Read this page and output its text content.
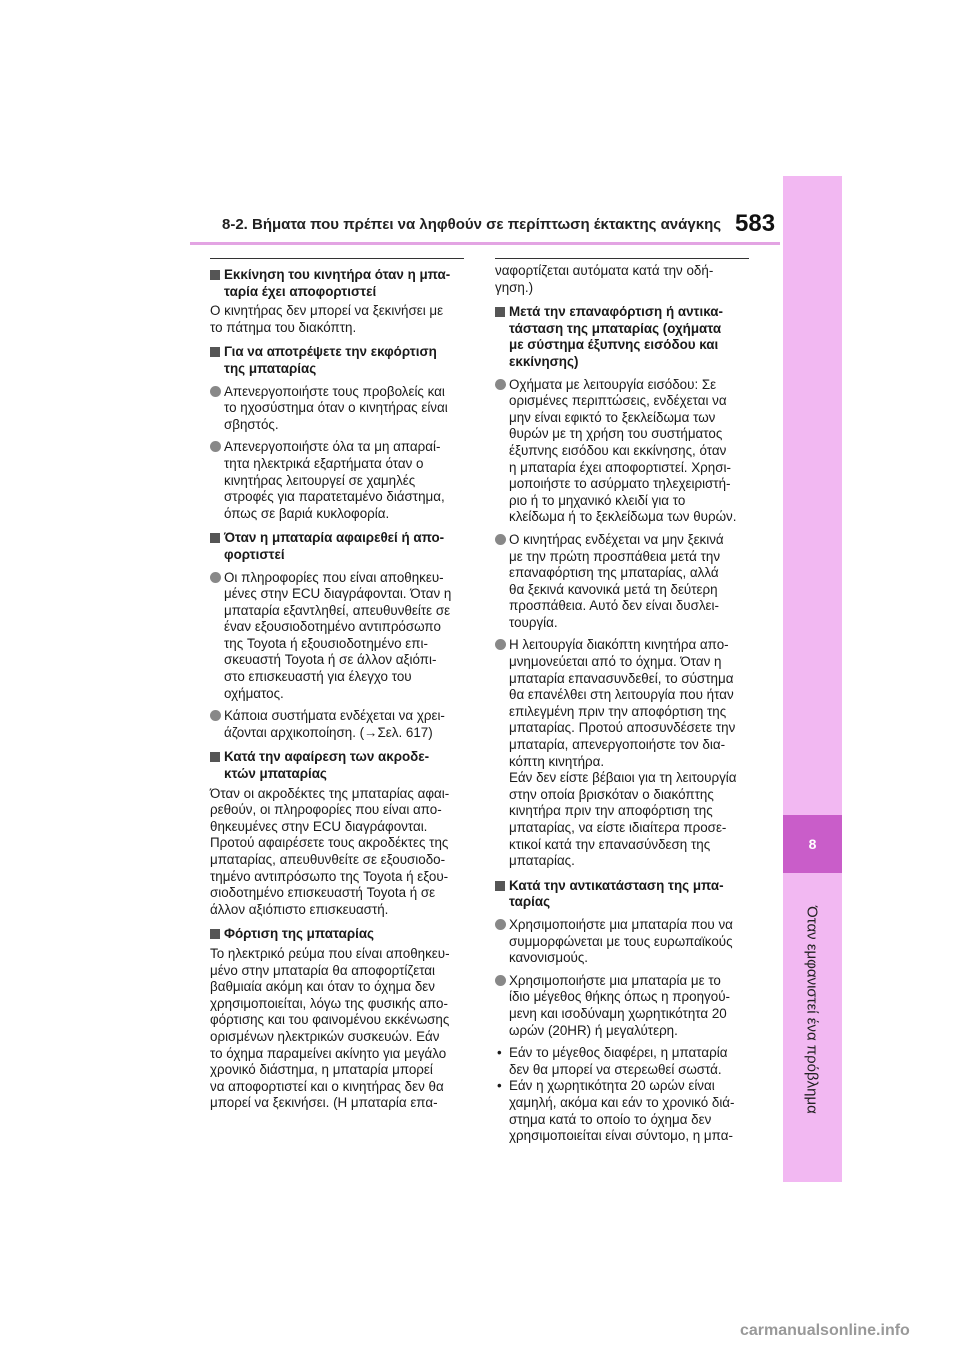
8-2. Βήματα που πρέπει να ληφθούν σε περίπτωση έκτακτης ανάγκης 583
8
Όταν εμφανιστεί ένα πρόβλημα
Εκκίνηση του κινητήρα όταν η μπα-
ταρία έχει αποφορτιστεί
Ο κινητήρας δεν μπορεί να ξεκινήσει με
το πάτημα του διακόπτη.
Για να αποτρέψετε την εκφόρτιση
της μπαταρίας
Απενεργοποιήστε τους προβολείς και
το ηχοσύστημα όταν ο κινητήρας είναι
σβηστός.
Απενεργοποιήστε όλα τα μη απαραί-
τητα ηλεκτρικά εξαρτήματα όταν ο
κινητήρας λειτουργεί σε χαμηλές
στροφές για παρατεταμένο διάστημα,
όπως σε βαριά κυκλοφορία.
Όταν η μπαταρία αφαιρεθεί ή απο-
φορτιστεί
Οι πληροφορίες που είναι αποθηκευ-
μένες στην ECU διαγράφονται. Όταν η
μπαταρία εξαντληθεί, απευθυνθείτε σε
έναν εξουσιοδοτημένο αντιπρόσωπο
της Toyota ή εξουσιοδοτημένο επι-
σκευαστή Toyota ή σε άλλον αξιόπι-
στο επισκευαστή για έλεγχο του
οχήματος.
Κάποια συστήματα ενδέχεται να χρει-
άζονται αρχικοποίηση. (→Σελ. 617)
Κατά την αφαίρεση των ακροδε-
κτών μπαταρίας
Όταν οι ακροδέκτες της μπαταρίας αφαι-
ρεθούν, οι πληροφορίες που είναι απο-
θηκευμένες στην ECU διαγράφονται.
Προτού αφαιρέσετε τους ακροδέκτες της
μπαταρίας, απευθυνθείτε σε εξουσιοδο-
τημένο αντιπρόσωπο της Toyota ή εξου-
σιοδοτημένο επισκευαστή Toyota ή σε
άλλον αξιόπιστο επισκευαστή.
Φόρτιση της μπαταρίας
Το ηλεκτρικό ρεύμα που είναι αποθηκευ-
μένο στην μπαταρία θα αποφορτίζεται
βαθμιαία ακόμη και όταν το όχημα δεν
χρησιμοποιείται, λόγω της φυσικής απο-
φόρτισης και του φαινομένου εκκένωσης
ορισμένων ηλεκτρικών συσκευών. Εάν
το όχημα παραμείνει ακίνητο για μεγάλο
χρονικό διάστημα, η μπαταρία μπορεί
να αποφορτιστεί και ο κινητήρας δεν θα
μπορεί να ξεκινήσει. (Η μπαταρία επα-
ναφορτίζεται αυτόματα κατά την οδή-
γηση.)
Μετά την επαναφόρτιση ή αντικα-
τάσταση της μπαταρίας (οχήματα
με σύστημα έξυπνης εισόδου και
εκκίνησης)
Οχήματα με λειτουργία εισόδου: Σε
ορισμένες περιπτώσεις, ενδέχεται να
μην είναι εφικτό το ξεκλείδωμα των
θυρών με τη χρήση του συστήματος
έξυπνης εισόδου και εκκίνησης, όταν
η μπαταρία έχει αποφορτιστεί. Χρησι-
μοποιήστε το ασύρματο τηλεχειριστή-
ριο ή το μηχανικό κλειδί για το
κλείδωμα ή το ξεκλείδωμα των θυρών.
Ο κινητήρας ενδέχεται να μην ξεκινά
με την πρώτη προσπάθεια μετά την
επαναφόρτιση της μπαταρίας, αλλά
θα ξεκινά κανονικά μετά τη δεύτερη
προσπάθεια. Αυτό δεν είναι δυσλει-
τουργία.
Η λειτουργία διακόπτη κινητήρα απο-
μνημονεύεται από το όχημα. Όταν η
μπαταρία επανασυνδεθεί, το σύστημα
θα επανέλθει στη λειτουργία που ήταν
επιλεγμένη πριν την αποφόρτιση της
μπαταρίας. Προτού αποσυνδέσετε την
μπαταρία, απενεργοποιήστε τον δια-
κόπτη κινητήρα.
Εάν δεν είστε βέβαιοι για τη λειτουργία
στην οποία βρισκόταν ο διακόπτης
κινητήρα πριν την αποφόρτιση της
μπαταρίας, να είστε ιδιαίτερα προσε-
κτικοί κατά την επανασύνδεση της
μπαταρίας.
Κατά την αντικατάσταση της μπα-
ταρίας
Χρησιμοποιήστε μια μπαταρία που να
συμμορφώνεται με τους ευρωπαϊκούς
κανονισμούς.
Χρησιμοποιήστε μια μπαταρία με το
ίδιο μέγεθος θήκης όπως η προηγού-
μενη και ισοδύναμη χωρητικότητα 20
ωρών (20HR) ή μεγαλύτερη.
• Εάν το μέγεθος διαφέρει, η μπαταρία
δεν θα μπορεί να στερεωθεί σωστά.
• Εάν η χωρητικότητα 20 ωρών είναι
χαμηλή, ακόμα και εάν το χρονικό διά-
στημα κατά το οποίο το όχημα δεν
χρησιμοποιείται είναι σύντομο, η μπα-
carmanualsonline.info
